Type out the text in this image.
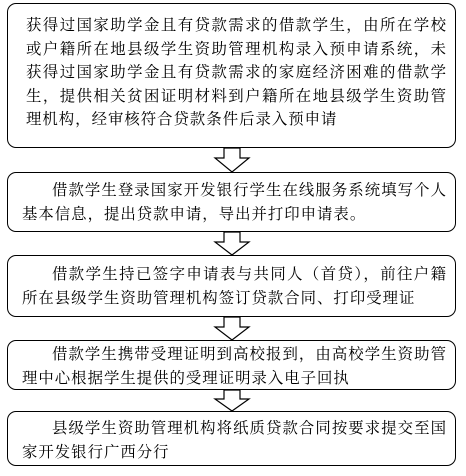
获得过国家助学金且有贷款需求的借款学生，由所在学校或户籍所在地县级学生资助管理机构录入预申请系统，未获得过国家助学金且有贷款需求的家庭经济困难的借款学生，提供相关贫困证明材料到户籍所在地县级学生资助管理机构，经审核符合贷款条件后录入预申请

借款学生登录国家开发银行学生在线服务系统填写个人基本信息，提出贷款申请，导出并打印申请表。

借款学生持已签字申请表与共同人（首贷），前往户籍所在县级学生资助管理机构签订贷款合同、打印受理证

借款学生携带受理证明到高校报到，由高校学生资助管理中心根据学生提供的受理证明录入电子回执

县级学生资助管理机构将纸质贷款合同按要求提交至国家开发银行广西分行
